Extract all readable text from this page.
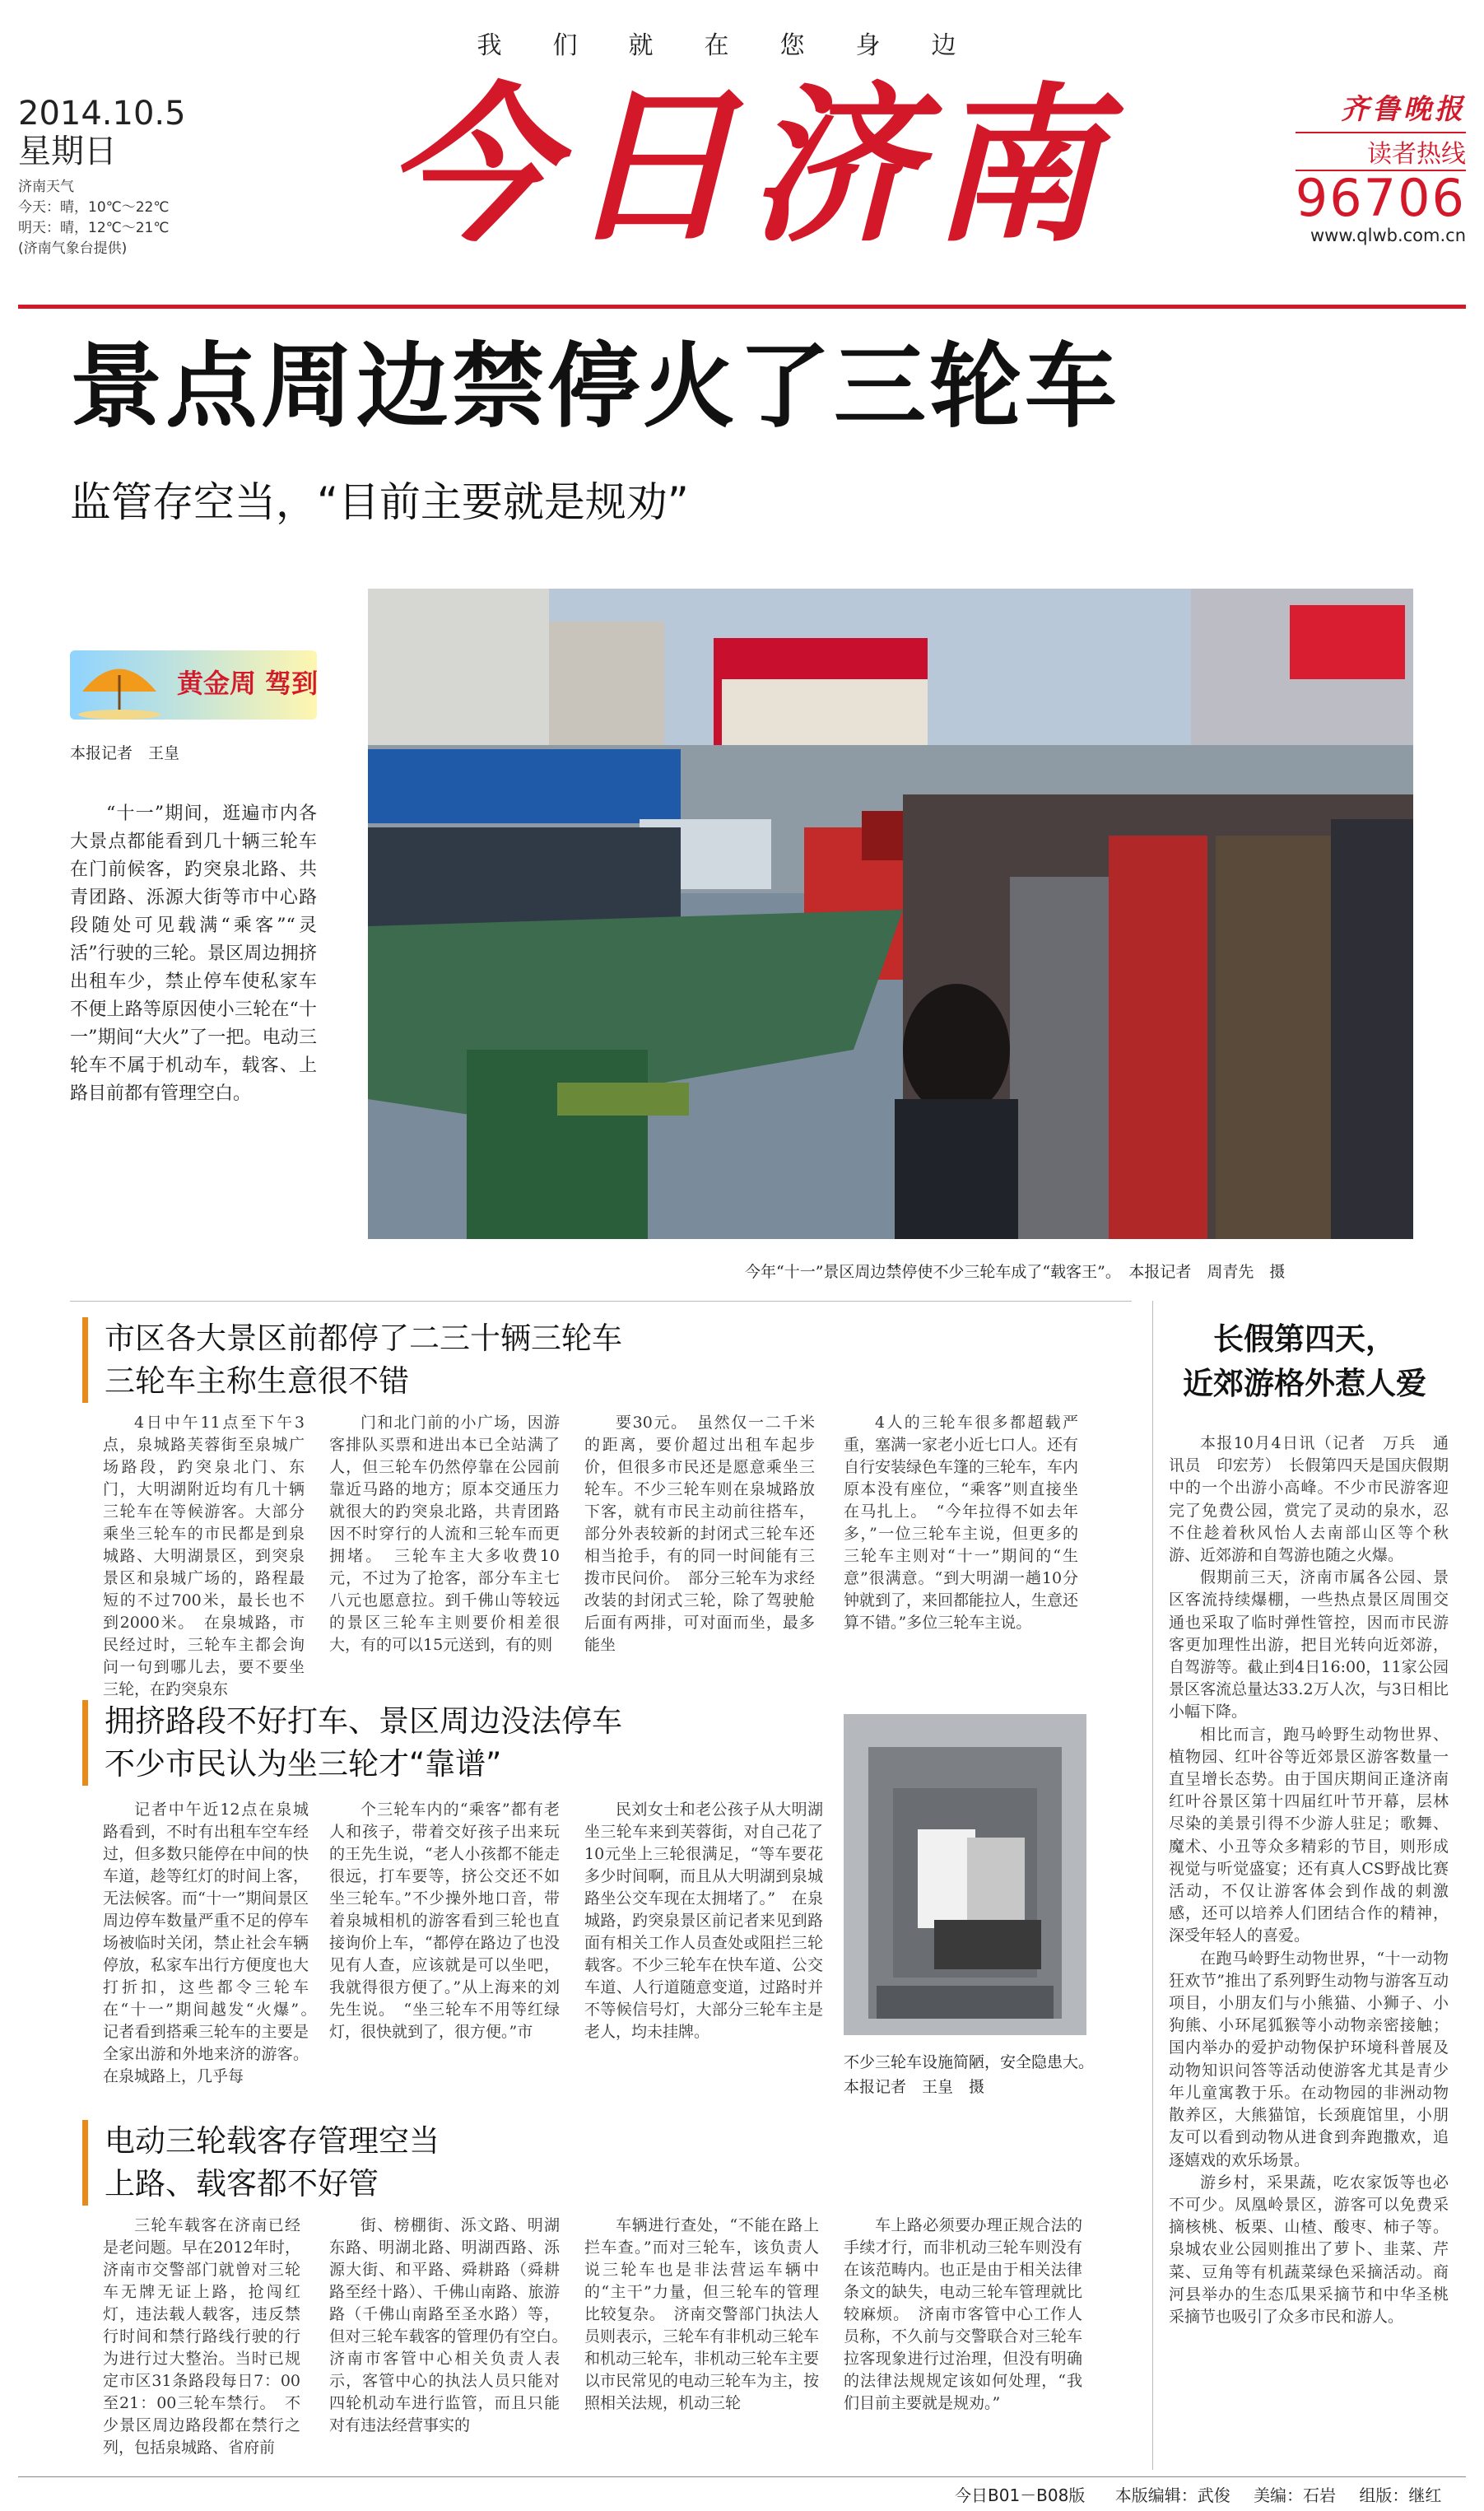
我们就在您身边
2014.10.5
星期日
济南天气
今天：晴，10℃～22℃
明天：晴，12℃～21℃
(济南气象台提供)	今日济南	齐鲁晚报
读者热线
96706
www.qlwb.com.cn
景点周边禁停火了三轮车
监管存空当，“目前主要就是规劝”
黄金周 驾到
本报记者　王皇
“十一”期间，逛遍市内各大景点都能看到几十辆三轮车在门前候客，趵突泉北路、共青团路、泺源大街等市中心路段随处可见载满“乘客”“灵活”行驶的三轮。景区周边拥挤出租车少，禁止停车使私家车不便上路等原因使小三轮在“十一”期间“大火”了一把。电动三轮车不属于机动车，载客、上路目前都有管理空白。
今年“十一”景区周边禁停使不少三轮车成了“载客王”。　本报记者　周青先　摄
市区各大景区前都停了二三十辆三轮车
三轮车主称生意很不错
4日中午11点至下午3点，泉城路芙蓉街至泉城广场路段，趵突泉北门、东门，大明湖附近均有几十辆三轮车在等候游客。大部分乘坐三轮车的市民都是到泉城路、大明湖景区，到突泉景区和泉城广场的，路程最短的不过700米，最长也不到2000米。　在泉城路，市民经过时，三轮车主都会询问一句到哪儿去，要不要坐三轮，在趵突泉东
门和北门前的小广场，因游客排队买票和进出本已全站满了人，但三轮车仍然停靠在公园前靠近马路的地方；原本交通压力就很大的趵突泉北路，共青团路因不时穿行的人流和三轮车而更拥堵。　三轮车主大多收费10元，不过为了抢客，部分车主七八元也愿意拉。到千佛山等较远的景区三轮车主则要价相差很大，有的可以15元送到，有的则
要30元。　虽然仅一二千米的距离，要价超过出租车起步价，但很多市民还是愿意乘坐三轮车。不少三轮车则在泉城路放下客，就有市民主动前往搭车，部分外表较新的封闭式三轮车还相当抢手，有的同一时间能有三拨市民问价。　部分三轮车为求经改装的封闭式三轮，除了驾驶舱后面有两排，可对面而坐，最多能坐
4人的三轮车很多都超载严重，塞满一家老小近七口人。还有自行安装绿色车篷的三轮车，车内原本没有座位，“乘客”则直接坐在马扎上。　“今年拉得不如去年多，”一位三轮车主说，但更多的三轮车主则对“十一”期间的“生意”很满意。“到大明湖一趟10分钟就到了，来回都能拉人，生意还算不错。”多位三轮车主说。
拥挤路段不好打车、景区周边没法停车
不少市民认为坐三轮才“靠谱”
记者中午近12点在泉城路看到，不时有出租车空车经过，但多数只能停在中间的快车道，趁等红灯的时间上客，无法候客。而“十一”期间景区周边停车数量严重不足的停车场被临时关闭，禁止社会车辆停放，私家车出行方便度也大打折扣，这些都令三轮车在“十一”期间越发“火爆”。　记者看到搭乘三轮车的主要是全家出游和外地来济的游客。在泉城路上，几乎每
个三轮车内的“乘客”都有老人和孩子，带着交好孩子出来玩的王先生说，“老人小孩都不能走很远，打车要等，挤公交还不如坐三轮车。”不少操外地口音，带着泉城相机的游客看到三轮也直接询价上车，“都停在路边了也没见有人查，应该就是可以坐吧，我就得很方便了。”从上海来的刘先生说。　“坐三轮车不用等红绿灯，很快就到了，很方便。”市
民刘女士和老公孩子从大明湖坐三轮车来到芙蓉街，对自己花了10元坐上三轮很满足，“等车要花多少时间啊，而且从大明湖到泉城路坐公交车现在太拥堵了。”　在泉城路，趵突泉景区前记者来见到路面有相关工作人员查处或阻拦三轮载客。不少三轮车在快车道、公交车道、人行道随意变道，过路时并不等候信号灯，大部分三轮车主是老人，均未挂牌。
不少三轮车设施简陋，安全隐患大。　本报记者　王皇　摄
电动三轮载客存管理空当
上路、载客都不好管
三轮车载客在济南已经是老问题。早在2012年时，济南市交警部门就曾对三轮车无牌无证上路，抢闯红灯，违法载人载客，违反禁行时间和禁行路线行驶的行为进行过大整治。当时已规定市区31条路段每日7：00至21：00三轮车禁行。　不少景区周边路段都在禁行之列，包括泉城路、省府前
街、榜棚街、泺文路、明湖东路、明湖北路、明湖西路、泺源大街、和平路、舜耕路（舜耕路至经十路）、千佛山南路、旅游路（千佛山南路至圣水路）等，但对三轮车载客的管理仍有空白。　济南市客管中心相关负责人表示，客管中心的执法人员只能对四轮机动车进行监管，而且只能对有违法经营事实的
车辆进行查处，“不能在路上拦车查。”而对三轮车，该负责人说三轮车也是非法营运车辆中的“主干”力量，但三轮车的管理比较复杂。　济南交警部门执法人员则表示，三轮车有非机动三轮车和机动三轮车，非机动三轮车主要以市民常见的电动三轮车为主，按照相关法规，机动三轮
车上路必须要办理正规合法的手续才行，而非机动三轮车则没有在该范畴内。也正是由于相关法律条文的缺失，电动三轮车管理就比较麻烦。　济南市客管中心工作人员称，不久前与交警联合对三轮车拉客现象进行过治理，但没有明确的法律法规规定该如何处理，“我们目前主要就是规劝。”
长假第四天，
近郊游格外惹人爱

本报10月4日讯（记者　万兵　通讯员　印宏芳）　长假第四天是国庆假期中的一个出游小高峰。不少市民游客迎完了免费公园，赏完了灵动的泉水，忍不住趁着秋风怡人去南部山区等个秋游、近郊游和自驾游也随之火爆。

假期前三天，济南市属各公园、景区客流持续爆棚，一些热点景区周围交通也采取了临时弹性管控，因而市民游客更加理性出游，把目光转向近郊游，自驾游等。截止到4日16:00，11家公园景区客流总量达33.2万人次，与3日相比小幅下降。

相比而言，跑马岭野生动物世界、植物园、红叶谷等近郊景区游客数量一直呈增长态势。由于国庆期间正逢济南红叶谷景区第十四届红叶节开幕，层林尽染的美景引得不少游人驻足；歌舞、魔术、小丑等众多精彩的节目，则形成视觉与听觉盛宴；还有真人CS野战比赛活动，不仅让游客体会到作战的刺激感，还可以培养人们团结合作的精神，深受年轻人的喜爱。

在跑马岭野生动物世界，“十一动物狂欢节”推出了系列野生动物与游客互动项目，小朋友们与小熊猫、小狮子、小狗熊、小环尾狐猴等小动物亲密接触；国内举办的爱护动物保护环境科普展及动物知识问答等活动使游客尤其是青少年儿童寓教于乐。在动物园的非洲动物散养区，大熊猫馆，长颈鹿馆里，小朋友可以看到动物从进食到奔跑撒欢，追逐嬉戏的欢乐场景。

游乡村，采果蔬，吃农家饭等也必不可少。凤凰岭景区，游客可以免费采摘核桃、板栗、山楂、酸枣、柿子等。泉城农业公园则推出了萝卜、韭菜、芹菜、豆角等有机蔬菜绿色采摘活动。商河县举办的生态瓜果采摘节和中华圣桃采摘节也吸引了众多市民和游人。

今日B01－B08版 本版编辑：武俊 美编：石岩 组版：继红
